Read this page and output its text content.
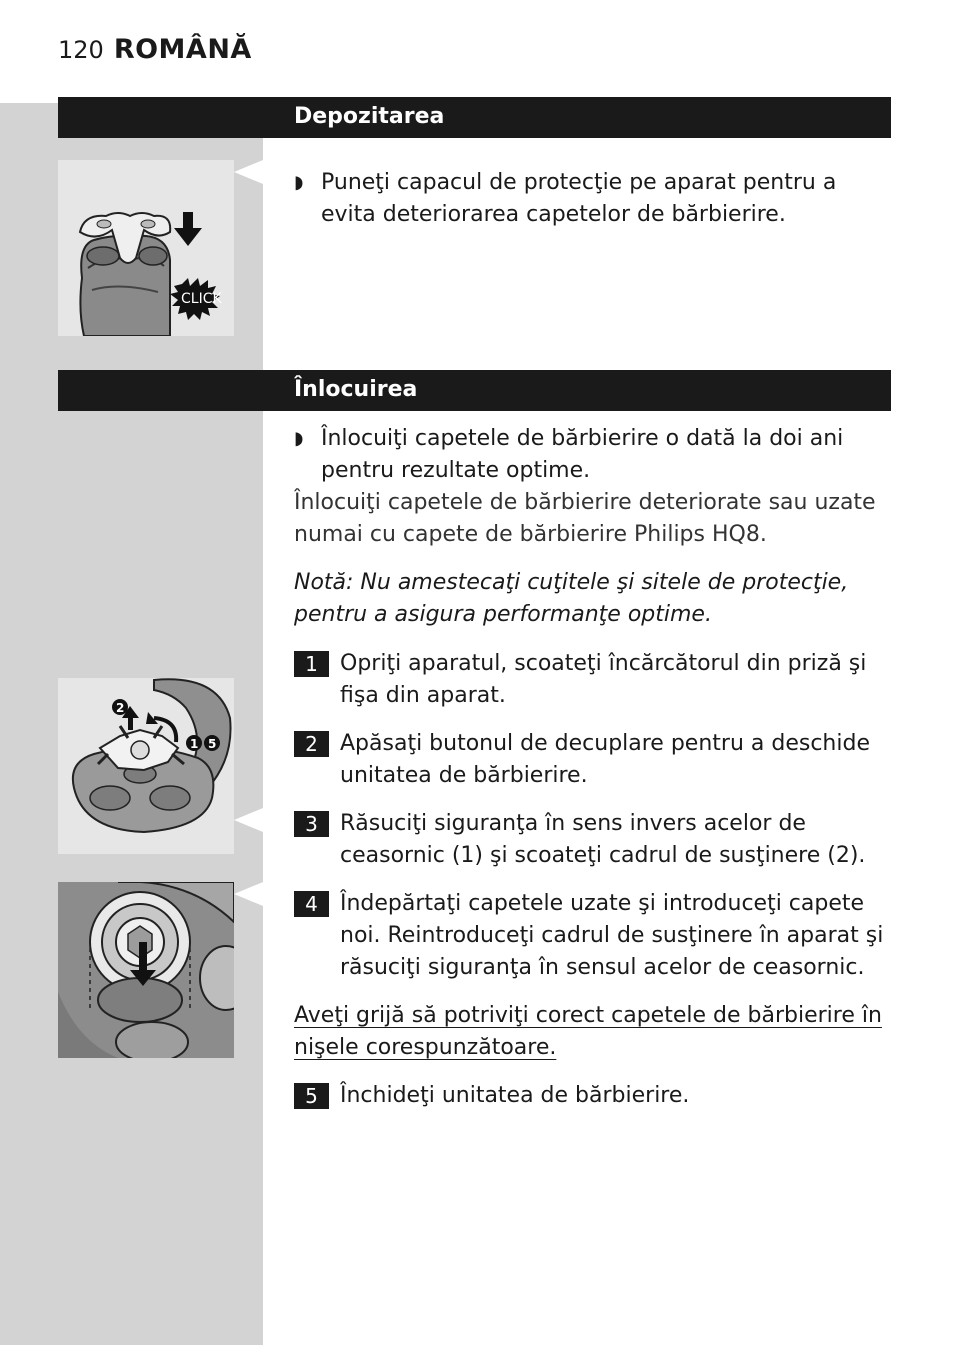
120 ROMÂNĂ
Depozitarea
CLICK
◗ Puneţi capacul de protecţie pe aparat pentru a evita deteriorarea capetelor de bărbierire.
Înlocuirea
◗ Înlocuiţi capetele de bărbierire o dată la doi ani pentru rezultate optime.
Înlocuiţi capetele de bărbierire deteriorate sau uzate numai cu capete de bărbierire Philips HQ8.
Notă: Nu amestecaţi cuţitele şi sitele de protecţie, pentru a asigura performanţe optime.
2
1 5
1	Opriţi aparatul, scoateţi încărcătorul din priză şi fişa din aparat.
2	Apăsaţi butonul de decuplare pentru a deschide unitatea de bărbierire.
3	Răsuciţi siguranţa în sens invers acelor de ceasornic (1) şi scoateţi cadrul de susţinere (2).
4	Îndepărtaţi capetele uzate şi introduceţi capete noi. Reintroduceţi cadrul de susţinere în aparat şi răsuciţi siguranţa în sensul acelor de ceasornic.
Aveţi grijă să potriviţi corect capetele de bărbierire în nişele corespunzătoare.
5	Închideţi unitatea de bărbierire.
